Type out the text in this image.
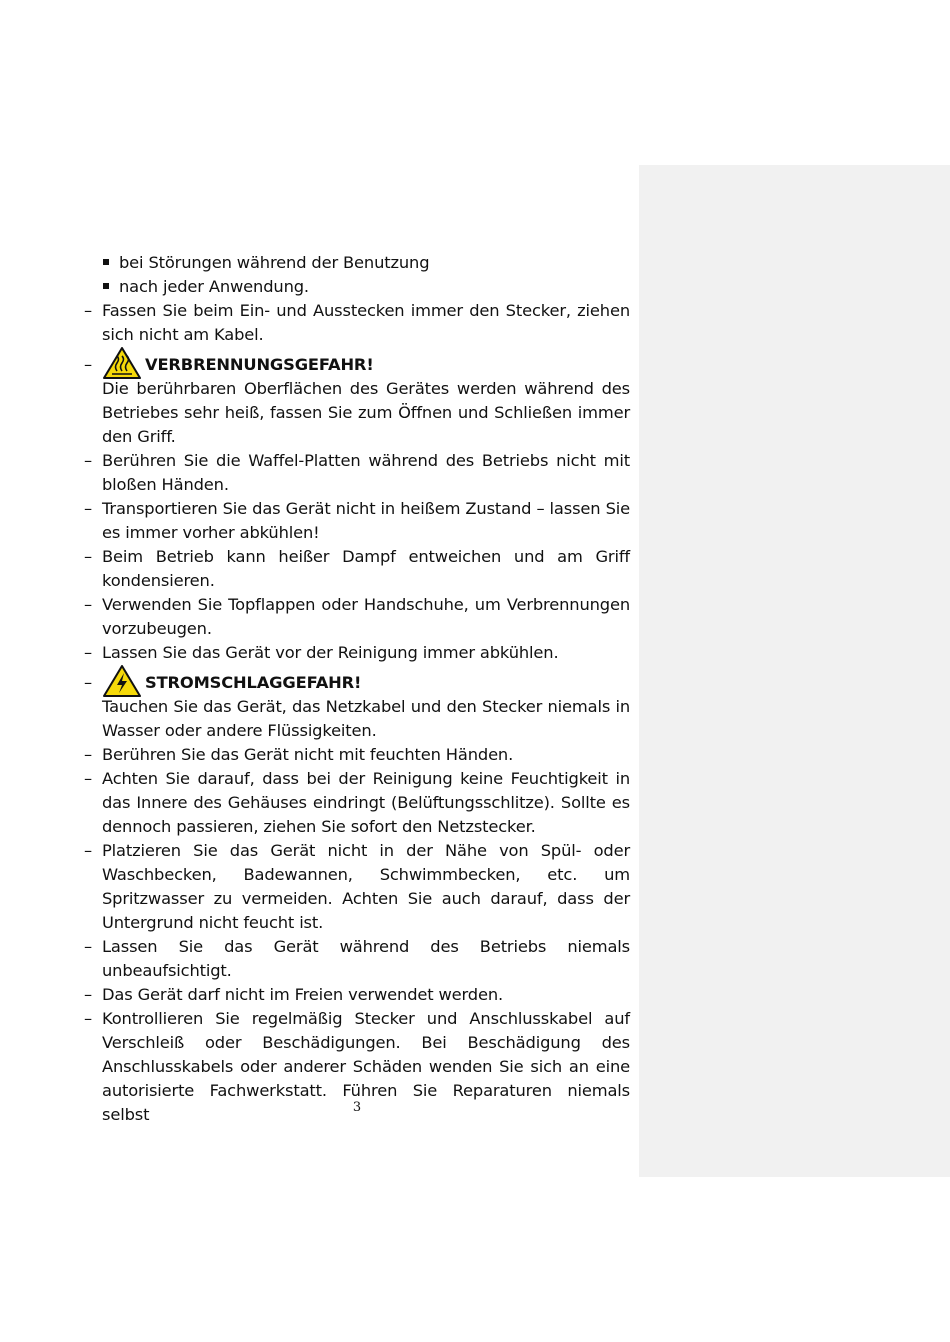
bei Störungen während der Benutzung
nach jeder Anwendung.
– Fassen Sie beim Ein- und Ausstecken immer den Stecker, ziehen sich nicht am Kabel.
–	VERBRENNUNGSGEFAHR!
Die berührbaren Oberflächen des Gerätes werden während des Betriebes sehr heiß, fassen Sie zum Öffnen und Schließen immer den Griff.
– Berühren Sie die Waffel-Platten während des Betriebs nicht mit bloßen Händen.
– Transportieren Sie das Gerät nicht in heißem Zustand – lassen Sie es immer vorher abkühlen!
– Beim Betrieb kann heißer Dampf entweichen und am Griff kondensieren.
– Verwenden Sie Topflappen oder Handschuhe, um Verbrennungen vorzubeugen.
– Lassen Sie das Gerät vor der Reinigung immer abkühlen.
–	STROMSCHLAGGEFAHR!
Tauchen Sie das Gerät, das Netzkabel und den Stecker niemals in Wasser oder andere Flüssigkeiten.
– Berühren Sie das Gerät nicht mit feuchten Händen.
– Achten Sie darauf, dass bei der Reinigung keine Feuchtigkeit in das Innere des Gehäuses eindringt (Belüftungsschlitze). Sollte es dennoch passieren, ziehen Sie sofort den Netzstecker.
– Platzieren Sie das Gerät nicht in der Nähe von Spül- oder Waschbecken, Badewannen, Schwimmbecken, etc. um Spritzwasser zu vermeiden. Achten Sie auch darauf, dass der Untergrund nicht feucht ist.
– Lassen Sie das Gerät während des Betriebs niemals unbeaufsichtigt.
– Das Gerät darf nicht im Freien verwendet werden.
– Kontrollieren Sie regelmäßig Stecker und Anschlusskabel auf Verschleiß oder Beschädigungen. Bei Beschädigung des Anschlusskabels oder anderer Schäden wenden Sie sich an eine autorisierte Fachwerkstatt. Führen Sie Reparaturen niemals selbst	3
